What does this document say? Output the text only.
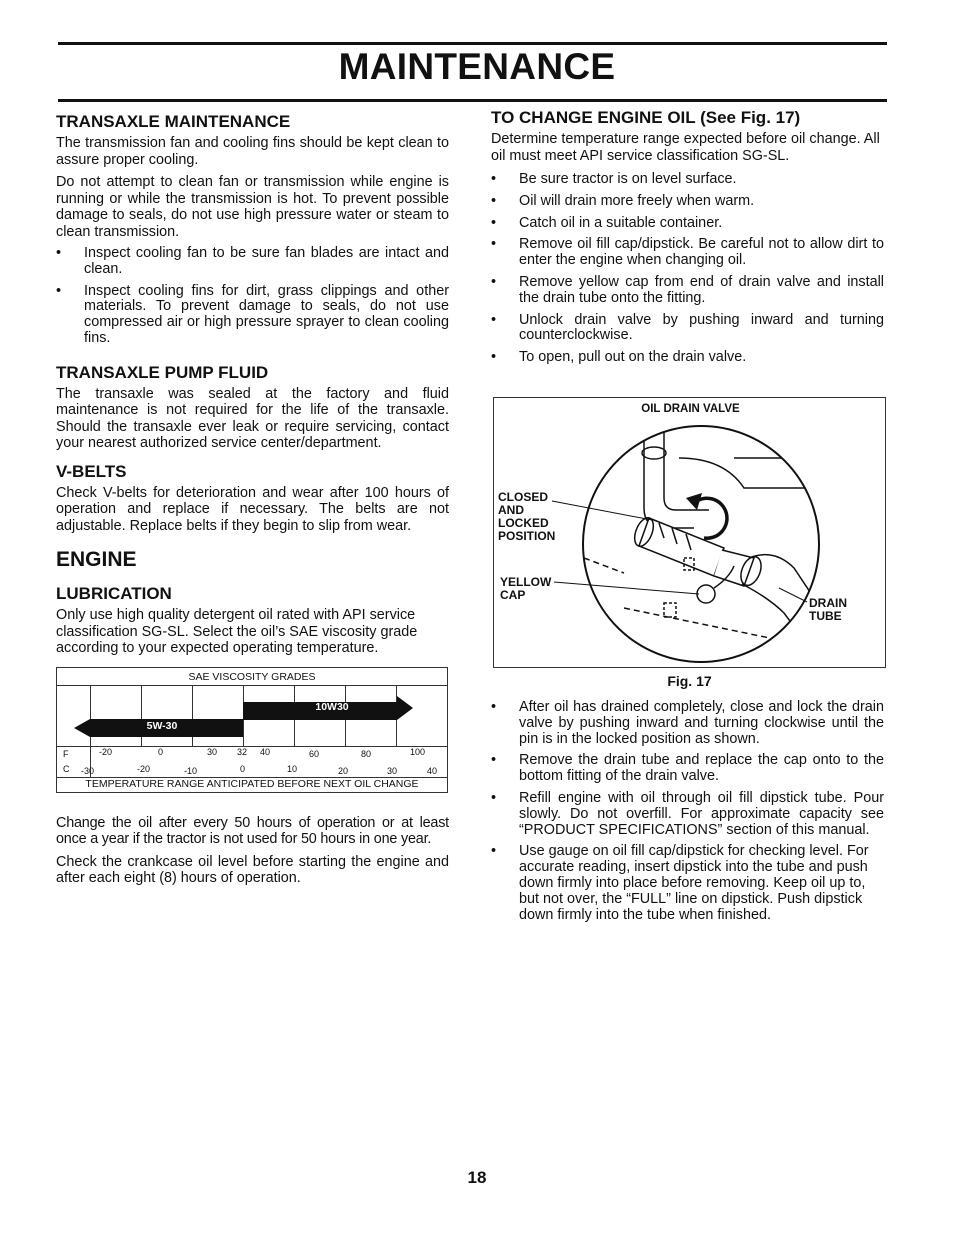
MAINTENANCE
TRANSAXLE MAINTENANCE

The transmission fan and cooling fins should be kept clean to assure proper cooling.

Do not attempt to clean fan or transmission while engine is running or while the transmission is hot. To prevent possible damage to seals, do not use high pressure water or steam to clean transmission.

• Inspect cooling fan to be sure fan blades are intact and clean.
• Inspect cooling fins for dirt, grass clippings and other materials. To prevent damage to seals, do not use compressed air or high pressure sprayer to clean cooling fins.
TRANSAXLE PUMP FLUID

The transaxle was sealed at the factory and fluid maintenance is not required for the life of the transaxle. Should the transaxle ever leak or require servicing, contact your nearest authorized service center/department.

V-BELTS

Check V-belts for deterioration and wear after 100 hours of operation and replace if necessary. The belts are not adjustable. Replace belts if they begin to slip from wear.

ENGINE
LUBRICATION

Only use high quality detergent oil rated with API service classification SG-SL. Select the oil’s SAE viscosity grade according to your expected operating temperature.

SAE VISCOSITY GRADES
10W30
5W-30
F	-20	0	30 32 40	60	80	100
C -30	-20	-10	0	10	20	30	40
TEMPERATURE RANGE ANTICIPATED BEFORE NEXT OIL CHANGE

Change the oil after every 50 hours of operation or at least once a year if the tractor is not used for 50 hours in one year.

Check the crankcase oil level before starting the engine and after each eight (8) hours of operation.

TO CHANGE ENGINE OIL (See Fig. 17)

Determine temperature range expected before oil change. All oil must meet API service classification SG-SL.

• Be sure tractor is on level surface.
• Oil will drain more freely when warm.
• Catch oil in a suitable container.
• Remove oil fill cap/dipstick. Be careful not to allow dirt to enter the engine when changing oil.
• Remove yellow cap from end of drain valve and install the drain tube onto the fitting.
• Unlock drain valve by pushing inward and turning counterclockwise.
• To open, pull out on the drain valve.
OIL DRAIN VALVE
CLOSED AND LOCKED POSITION
YELLOW CAP
DRAIN TUBE
Fig. 17
• After oil has drained completely, close and lock the drain valve by pushing inward and turning clockwise until the pin is in the locked position as shown.
• Remove the drain tube and replace the cap onto to the bottom fitting of the drain valve.
• Refill engine with oil through oil fill dipstick tube. Pour slowly. Do not overfill. For approximate capacity see “PRODUCT SPECIFICATIONS” section of this manual.
• Use gauge on oil fill cap/dipstick for checking level. For accurate reading, insert dipstick into the tube and push down firmly into place before removing. Keep oil up to, but not over, the “FULL” line on dipstick. Push dipstick down firmly into the tube when finished.
18
